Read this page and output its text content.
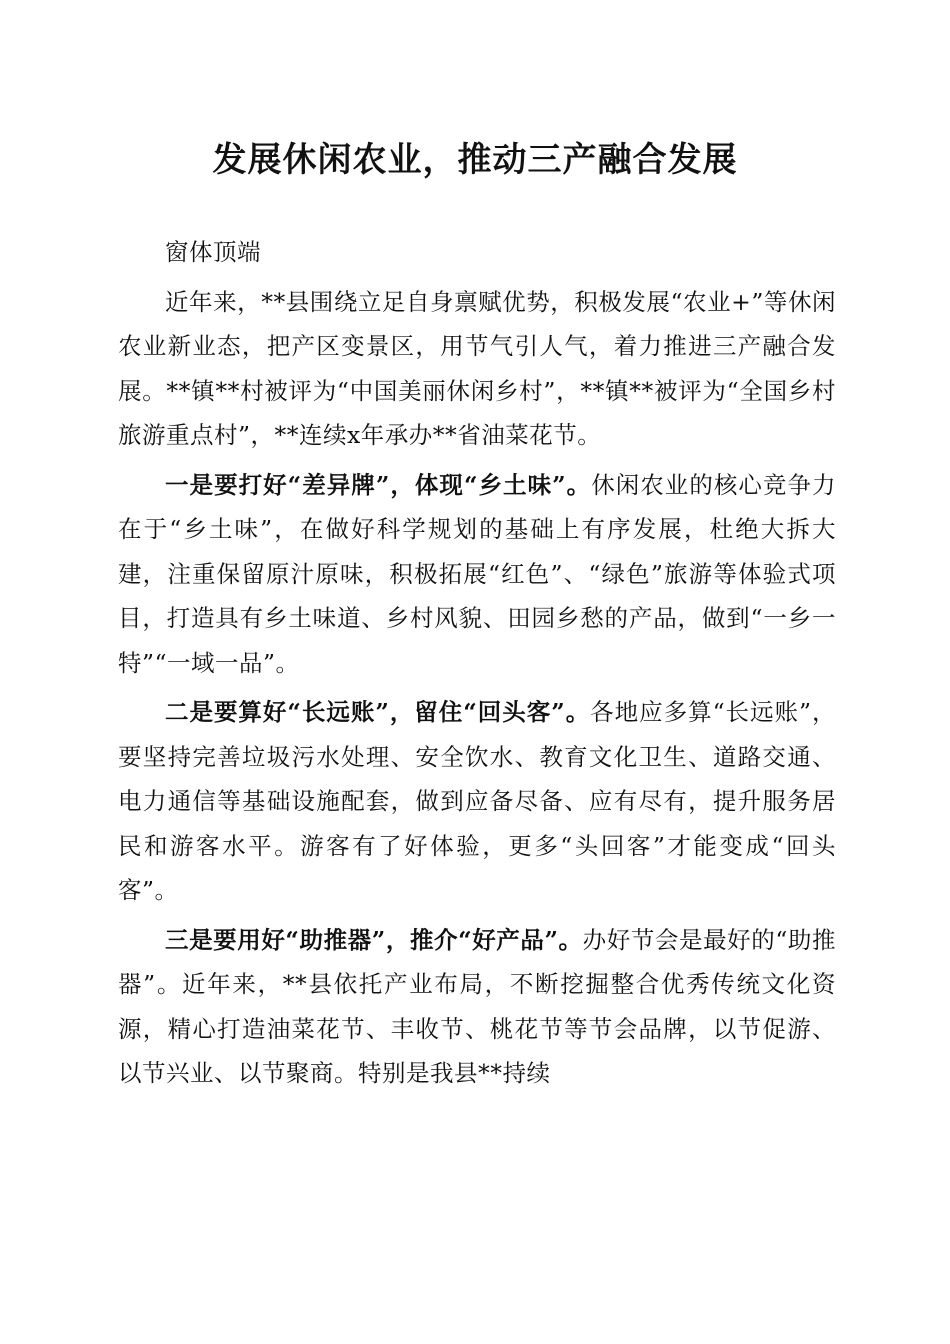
发展休闲农业，推动三产融合发展

窗体顶端

近年来，**县围绕立足自身禀赋优势，积极发展“农业+”等休闲农业新业态，把产区变景区，用节气引人气，着力推进三产融合发展。**镇**村被评为“中国美丽休闲乡村”，**镇**被评为“全国乡村旅游重点村”，**连续x年承办**省油菜花节。

一是要打好“差异牌”，体现“乡土味”。休闲农业的核心竞争力在于“乡土味”，在做好科学规划的基础上有序发展，杜绝大拆大建，注重保留原汁原味，积极拓展“红色”、“绿色”旅游等体验式项目，打造具有乡土味道、乡村风貌、田园乡愁的产品，做到“一乡一特”“一域一品”。

二是要算好“长远账”，留住“回头客”。各地应多算“长远账”，要坚持完善垃圾污水处理、安全饮水、教育文化卫生、道路交通、电力通信等基础设施配套，做到应备尽备、应有尽有，提升服务居民和游客水平。游客有了好体验，更多“头回客”才能变成“回头客”。

三是要用好“助推器”，推介“好产品”。办好节会是最好的“助推器”。近年来，**县依托产业布局，不断挖掘整合优秀传统文化资源，精心打造油菜花节、丰收节、桃花节等节会品牌，以节促游、以节兴业、以节聚商。特别是我县**持续
